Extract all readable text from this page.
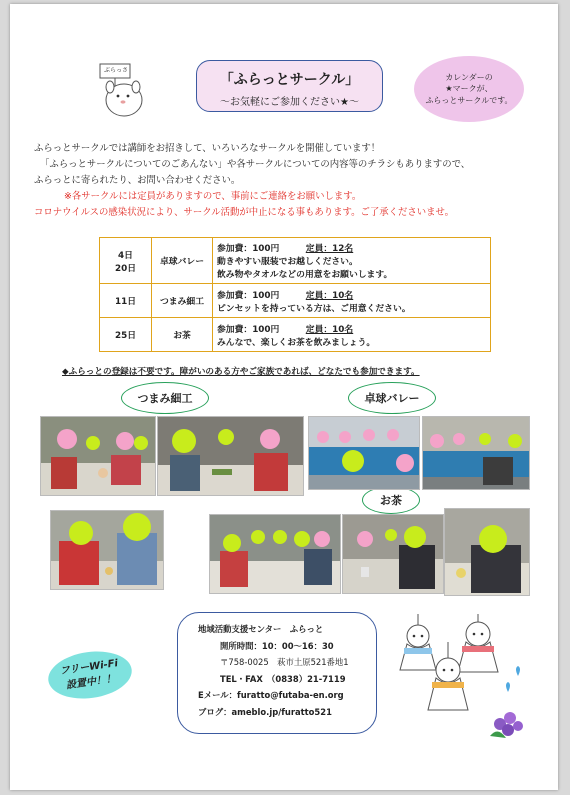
ぶらっさ
「ふらっとサークル」
～お気軽にご参加ください★～
カレンダーの
★マークが、
ふらっとサークルです。
ふらっとサークルでは講師をお招きして、いろいろなサークルを開催しています！
「ふらっとサークルについてのごあんない」や各サークルについての内容等のチラシもありますので、
ふらっとに寄られたり、お問い合わせください。
※各サークルには定員がありますので、事前にご連絡をお願いします。
コロナウイルスの感染状況により、サークル活動が中止になる事もあります。ご了承くださいませ。
4日
20日	卓球バレー	参加費：100円　　　 定員：12名
動きやすい服装でお越しください。
飲み物やタオルなどの用意をお願いします。
11日	つまみ細工	参加費：100円　　　 定員：10名
ピンセットを持っている方は、ご用意ください。
25日	お茶	参加費：100円　　　 定員：10名
みんなで、楽しくお茶を飲みましょう。
◆ふらっとの登録は不要です。障がいのある方やご家族であれば、どなたでも参加できます。
つまみ細工	卓球バレー
お茶
フリーWi-Fi
設置中！！
地域活動支援センター　ふらっと
開所時間：10：00～16：30
〒758-0025　萩市土原521番地1
TEL・FAX　（0838）21-7119
Eメール：furatto@futaba-en.org
ブログ：ameblo.jp/furatto521
